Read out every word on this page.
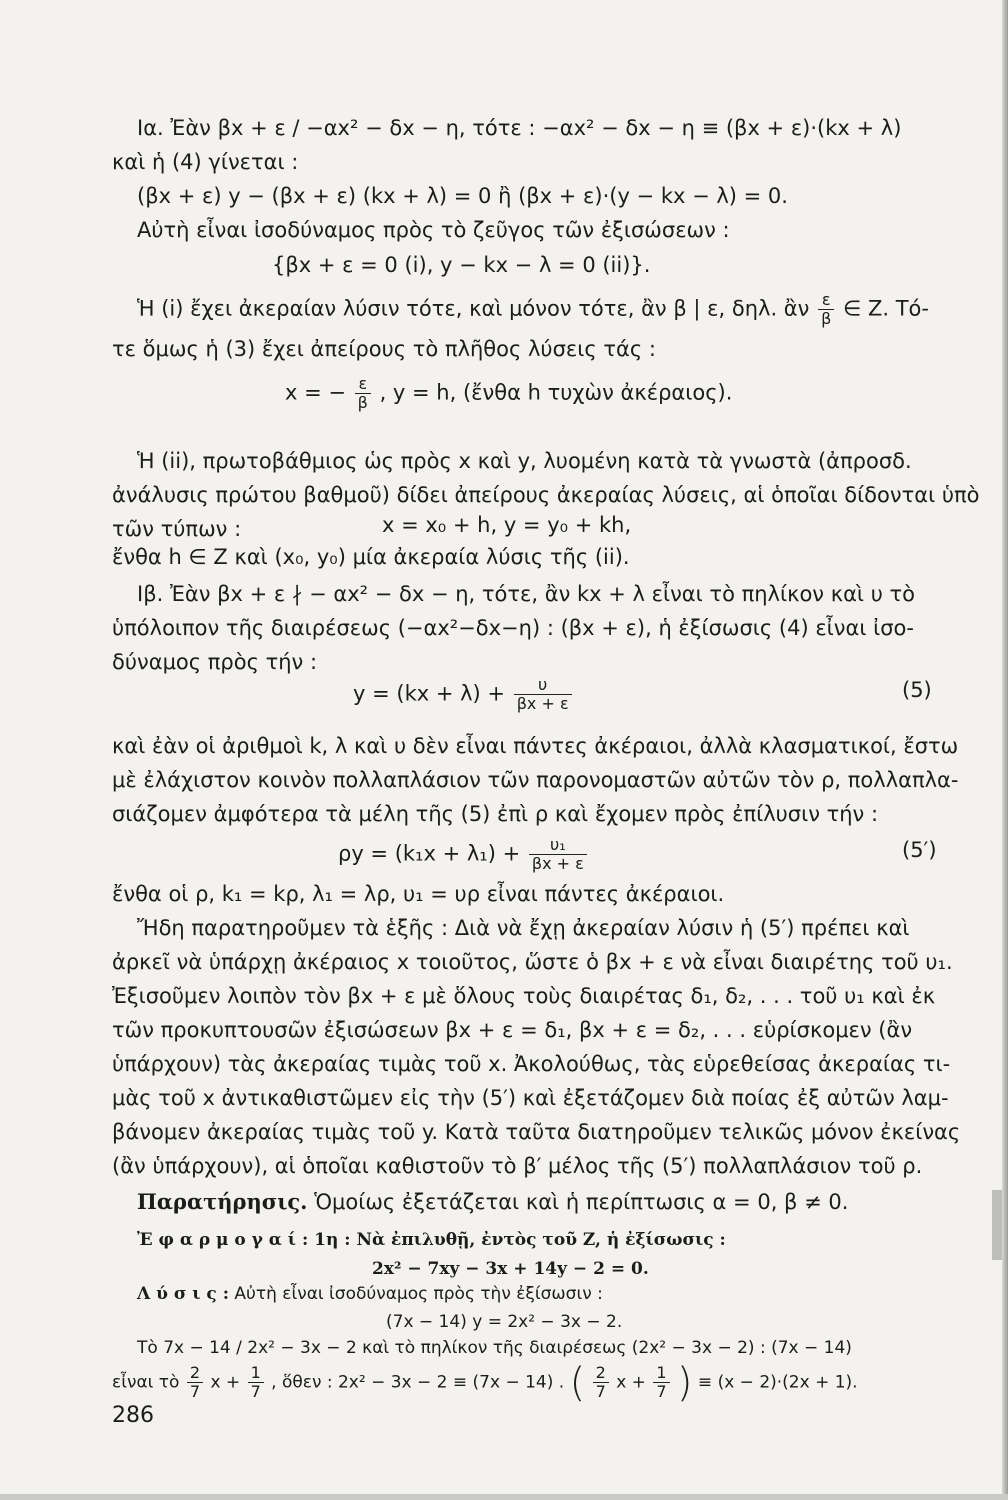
Ια. Ἐὰν βx + ε / −αx² − δx − η, τότε : −αx² − δx − η ≡ (βx + ε)·(kx + λ)
καὶ ἡ (4) γίνεται :
(βx + ε) y − (βx + ε) (kx + λ) = 0 ἢ (βx + ε)·(y − kx − λ) = 0.
Αὐτὴ εἶναι ἰσοδύναμος πρὸς τὸ ζεῦγος τῶν ἐξισώσεων :
{βx + ε = 0 (i), y − kx − λ = 0 (ii)}.
Ἡ (i) ἔχει ἀκεραίαν λύσιν τότε, καὶ μόνον τότε, ἂν β | ε, δηλ. ἂν $\frac{\varepsilon}{\beta}$ ∈ Z. Τό-
τε ὅμως ἡ (3) ἔχει ἀπείρους τὸ πλῆθος λύσεις τάς :
x = − $\frac{\varepsilon}{\beta}$ , y = h, (ἔνθα h τυχὼν ἀκέραιος).
Ἡ (ii), πρωτοβάθμιος ὡς πρὸς x καὶ y, λυομένη κατὰ τὰ γνωστὰ (ἀπροσδ.
ἀνάλυσις πρώτου βαθμοῦ) δίδει ἀπείρους ἀκεραίας λύσεις, αἱ ὁποῖαι δίδονται ὑπὸ
τῶν τύπων :	x = x₀ + h, y = y₀ + kh,
ἔνθα h ∈ Z καὶ (x₀, y₀) μία ἀκεραία λύσις τῆς (ii).
Ιβ. Ἐὰν βx + ε ∤ − αx² − δx − η, τότε, ἂν kx + λ εἶναι τὸ πηλίκον καὶ υ τὸ
ὑπόλοιπον τῆς διαιρέσεως (−αx²−δx−η) : (βx + ε), ἡ ἐξίσωσις (4) εἶναι ἰσο-
δύναμος πρὸς τήν :
$y = (kx + \lambda) + \frac{\upsilon}{\beta x + \varepsilon}$	(5)
καὶ ἐὰν οἱ ἀριθμοὶ k, λ καὶ υ δὲν εἶναι πάντες ἀκέραιοι, ἀλλὰ κλασματικοί, ἔστω
μὲ ἐλάχιστον κοινὸν πολλαπλάσιον τῶν παρονομαστῶν αὐτῶν τὸν ρ, πολλαπλα-
σιάζομεν ἀμφότερα τὰ μέλη τῆς (5) ἐπὶ ρ καὶ ἔχομεν πρὸς ἐπίλυσιν τήν :
$\rho y = (k_1x + \lambda_1) + \frac{\text{υ₁}}{\beta x + \varepsilon}$	(5′)
ἔνθα οἱ ρ, k₁ = kρ, λ₁ = λρ, υ₁ = υρ εἶναι πάντες ἀκέραιοι.
Ἤδη παρατηροῦμεν τὰ ἑξῆς : Διὰ νὰ ἔχῃ ἀκεραίαν λύσιν ἡ (5′) πρέπει καὶ
ἀρκεῖ νὰ ὑπάρχῃ ἀκέραιος x τοιοῦτος, ὥστε ὁ βx + ε νὰ εἶναι διαιρέτης τοῦ υ₁.
Ἐξισοῦμεν λοιπὸν τὸν βx + ε μὲ ὅλους τοὺς διαιρέτας δ₁, δ₂, . . . τοῦ υ₁ καὶ ἐκ
τῶν προκυπτουσῶν ἐξισώσεων βx + ε = δ₁, βx + ε = δ₂, . . . εὑρίσκομεν (ἂν
ὑπάρχουν) τὰς ἀκεραίας τιμὰς τοῦ x. Ἀκολούθως, τὰς εὑρεθείσας ἀκεραίας τι-
μὰς τοῦ x ἀντικαθιστῶμεν εἰς τὴν (5′) καὶ ἐξετάζομεν διὰ ποίας ἐξ αὐτῶν λαμ-
βάνομεν ἀκεραίας τιμὰς τοῦ y. Κατὰ ταῦτα διατηροῦμεν τελικῶς μόνον ἐκείνας
(ἂν ὑπάρχουν), αἱ ὁποῖαι καθιστοῦν τὸ β′ μέλος τῆς (5′) πολλαπλάσιον τοῦ ρ.
Παρατήρησις. Ὁμοίως ἐξετάζεται καὶ ἡ περίπτωσις α = 0, β ≠ 0.
Ἐ φ α ρ μ ο γ α ί : 1η : Νὰ ἐπιλυθῇ, ἐντὸς τοῦ Z, ἡ ἐξίσωσις :
2x² − 7xy − 3x + 14y − 2 = 0.
Λ ύ σ ι ς : Αὐτὴ εἶναι ἰσοδύναμος πρὸς τὴν ἐξίσωσιν :
(7x − 14) y = 2x² − 3x − 2.
Τὸ 7x − 14 / 2x² − 3x − 2 καὶ τὸ πηλίκον τῆς διαιρέσεως (2x² − 3x − 2) : (7x − 14)
εἶναι τὸ $\frac{2}{7}$ $x + \frac{1}{7}$ , ὅθεν : 2x² − 3x − 2 ≡ (7x − 14) . ( $\frac{2}{7}$ $x + \frac{1}{7}$ ) ≡ (x − 2)·(2x + 1).
286
